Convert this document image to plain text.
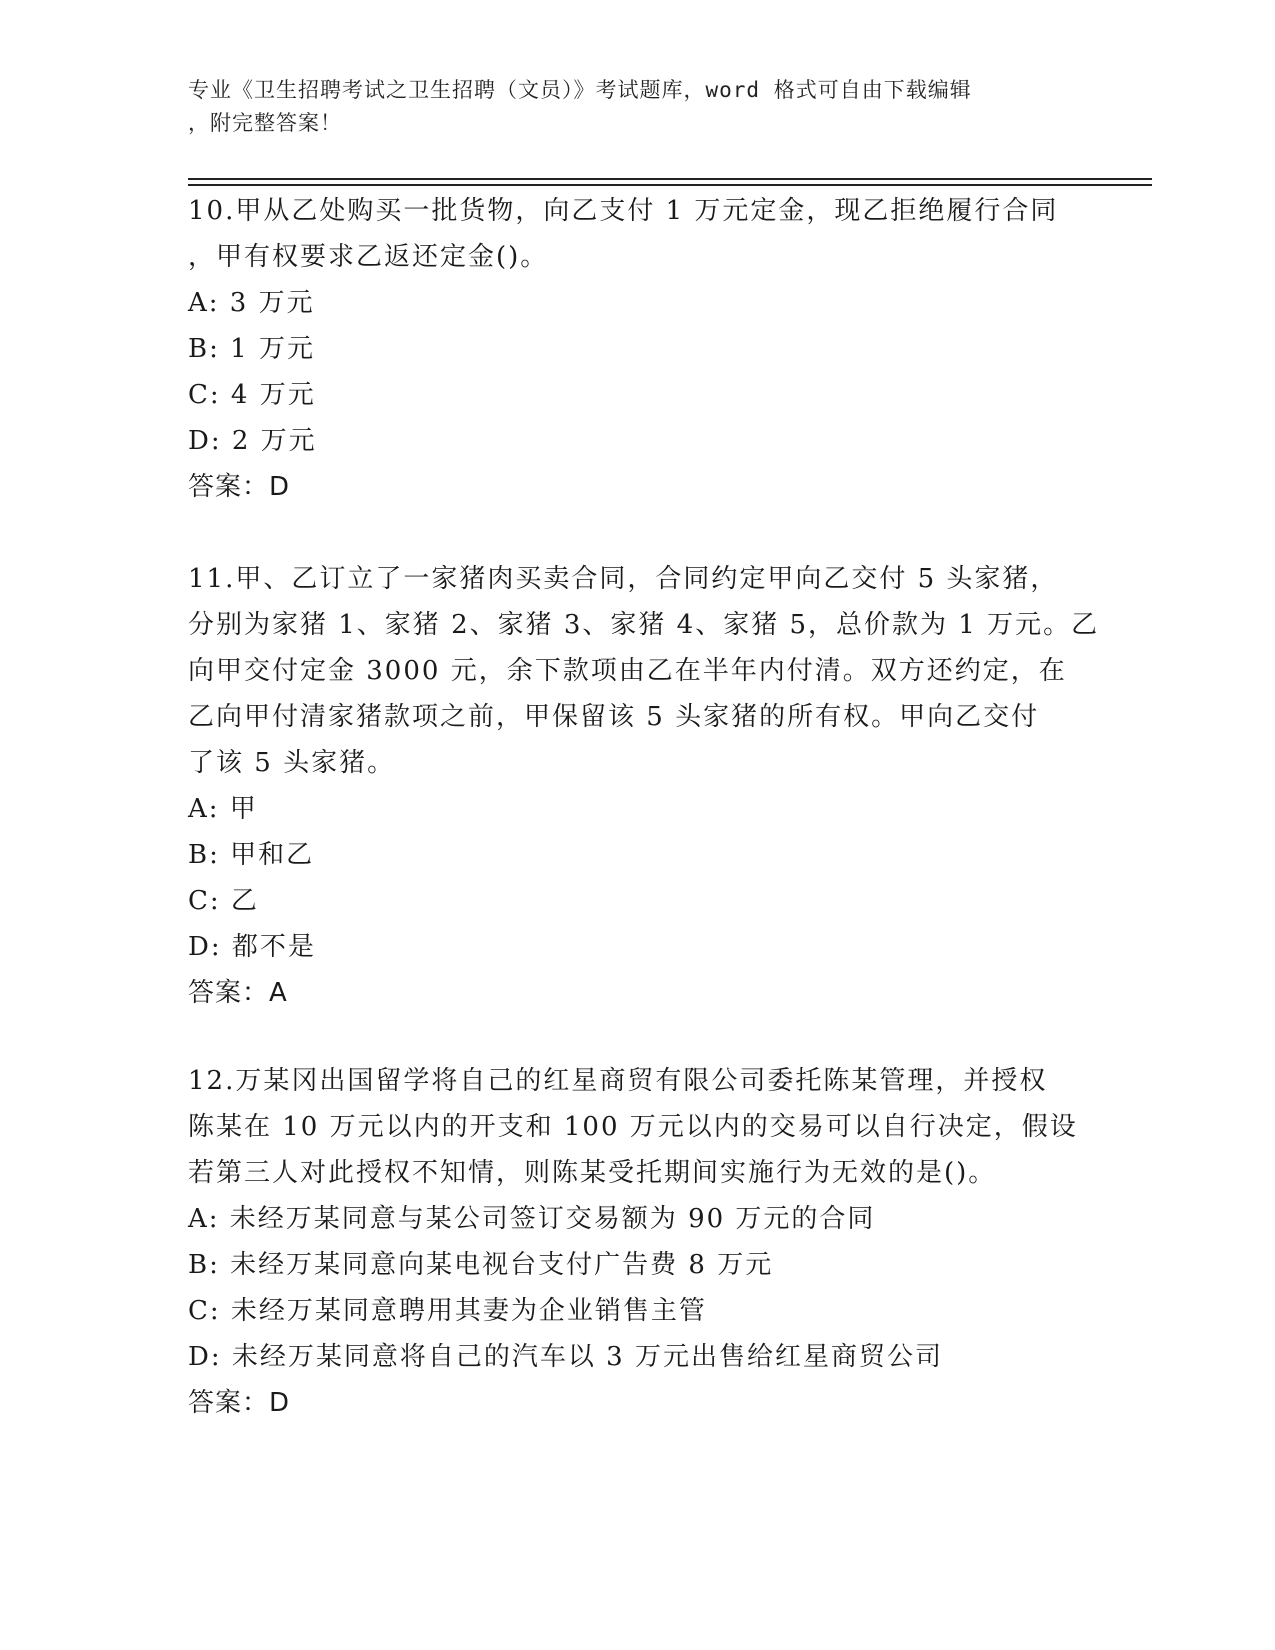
专业《卫生招聘考试之卫生招聘（文员）》考试题库，word 格式可自由下载编辑
，附完整答案！
10.甲从乙处购买一批货物，向乙支付 1 万元定金，现乙拒绝履行合同
，甲有权要求乙返还定金()。
A: 3 万元
B: 1 万元
C: 4 万元
D: 2 万元
答案：D
11.甲、乙订立了一家猪肉买卖合同，合同约定甲向乙交付 5 头家猪，
分别为家猪 1、家猪 2、家猪 3、家猪 4、家猪 5，总价款为 1 万元。乙
向甲交付定金 3000 元，余下款项由乙在半年内付清。双方还约定，在
乙向甲付清家猪款项之前，甲保留该 5 头家猪的所有权。甲向乙交付
了该 5 头家猪。
A: 甲
B: 甲和乙
C: 乙
D: 都不是
答案：A
12.万某冈出国留学将自己的红星商贸有限公司委托陈某管理，并授权
陈某在 10 万元以内的开支和 100 万元以内的交易可以自行决定，假设
若第三人对此授权不知情，则陈某受托期间实施行为无效的是()。
A: 未经万某同意与某公司签订交易额为 90 万元的合同
B: 未经万某同意向某电视台支付广告费 8 万元
C: 未经万某同意聘用其妻为企业销售主管
D: 未经万某同意将自己的汽车以 3 万元出售给红星商贸公司
答案：D
